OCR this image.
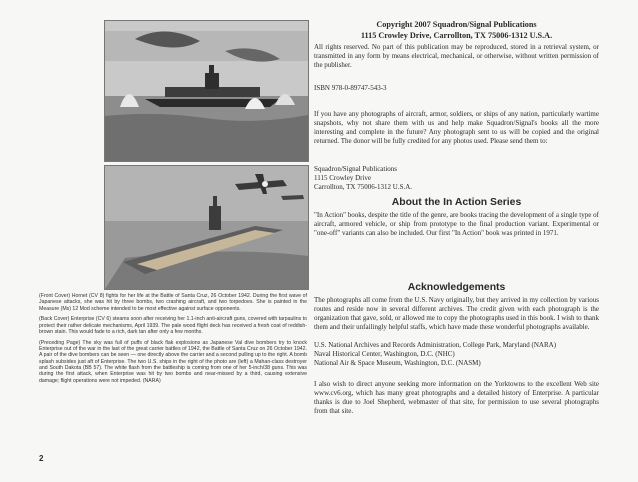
(Front Cover) Hornet (CV 8) fights for her life at the Battle of Santa Cruz, 26 October 1942. During the first wave of Japanese attacks, she was hit by three bombs, two crashing aircraft, and two torpedoes. She is painted in the Measure (Ms) 12 Mod scheme intended to be most effective against surface opponents.

(Back Cover) Enterprise (CV 6) steams soon after receiving her 1.1-inch anti-aircraft guns, covered with tarpaulins to protect their rather delicate mechanisms, April 1939. The pale wood flight deck has received a fresh coat of reddish-brown stain. This would fade to a rich, dark tan after only a few months.

(Preceding Page) The sky was full of puffs of black flak explosions as Japanese Val dive bombers try to knock Enterprise out of the war in the last of the great carrier battles of 1942, the Battle of Santa Cruz on 26 October 1942. A pair of the dive bombers can be seen — one directly above the carrier and a second pulling up to the right. A bomb splash subsides just aft of Enterprise. The two U.S. ships in the right of the photo are (left) a Mahan-class destroyer and South Dakota (BB 57). The white flash from the battleship is coming from one of her 5-inch/38 guns. This was during the first attack, when Enterprise was hit by two bombs and near-missed by a third, causing extensive damage; flight operations were not impeded. (NARA)

2
Copyright 2007 Squadron/Signal Publications
1115 Crowley Drive, Carrollton, TX 75006-1312 U.S.A.
All rights reserved. No part of this publication may be reproduced, stored in a retrieval system, or transmitted in any form by means electrical, mechanical, or otherwise, without written permission of the publisher.
ISBN 978-0-89747-543-3
If you have any photographs of aircraft, armor, soldiers, or ships of any nation, particularly wartime snapshots, why not share them with us and help make Squadron/Signal's books all the more interesting and complete in the future? Any photograph sent to us will be copied and the original returned. The donor will be fully credited for any photos used. Please send them to:
Squadron/Signal Publications
1115 Crowley Drive
Carrollton, TX 75006-1312 U.S.A.
About the In Action Series
"In Action" books, despite the title of the genre, are books tracing the development of a single type of aircraft, armored vehicle, or ship from prototype to the final production variant. Experimental or "one-off" variants can also be included. Our first "In Action" book was printed in 1971.
Acknowledgements
The photographs all come from the U.S. Navy originally, but they arrived in my collection by various routes and reside now in several different archives. The credit given with each photograph is the organization that gave, sold, or allowed me to copy the photographs used in this book. I wish to thank them and their unfailingly helpful staffs, which have made these wonderful photographs available.
U.S. National Archives and Records Administration, College Park, Maryland (NARA)
Naval Historical Center, Washington, D.C. (NHC)
National Air & Space Museum, Washington, D.C. (NASM)
I also wish to direct anyone seeking more information on the Yorktowns to the excellent Web site www.cv6.org, which has many great photographs and a detailed history of Enterprise. A particular thanks is due to Joel Shepherd, webmaster of that site, for permission to use several photographs from that site.
